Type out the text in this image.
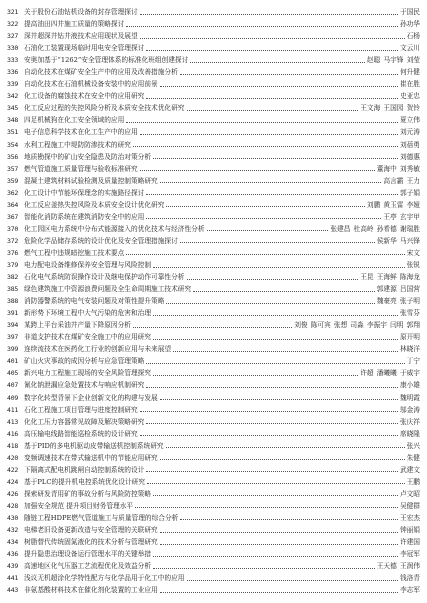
321 关于股份石油钻机设备的封存管理探讨	于国民
322 提高油田四井施工质量的策略探讨	孙功华
327 深井超深井钻井液技术应用现状及展望	石杨
330 石油化工装置现场临时用电安全管理探讨	文云川
333 安奥加基于“1262”安全管理体系的标准化班组创建探讨	赵聪 马宇锋 刘莹
336 自动化技术在煤矿安全生产中的应用及改善措施分析	何升健
339 自动化技术在石油机械设备安装中的应用前景	崔在胜
342 化工设备的腐蚀技术在安全中的应用研究	史亚忠
345 化工反应过程的失控风险分析及本质安全技术优化研究	王文海 王国园 贺铃
348 四足机械狗在化工安全领域的应用	夏立伟
351 电子信息科学技术在化工生产中的应用	刘元涛
354 水利工程施工中堤防防渗技术的研究	刘蓓勇
356 地质勘探中的矿山安全隐患及防治对策分析	刘德惠
357 燃气管道施工质量管理与验收标准研究	董海中 刘秀敏
359 混凝土建筑材料试验检测及质量控制策略研究	高言霸 王力
362 化工设计中节能环保理念的实施路径探讨	郭子娟
364 化工反应釜热失控风险及本质安全设计优化研究	刘鹏 黄玉雷 李娅
367 智能化消防系统在建筑消防安全中的应用	王亭 玄宇甲
370 化工园区电力系统中分布式能源接入的优化技术与经济性分析	张建昌 杜高岭 孙希德 谢瑞胜
372 危险化学品储存系统的设计优化及安全管理措施探讨	侯新华 马兴锋
376 燃气工程中违规暗挖施工技术要点	宋文
379 电力配电设备维修保养安全管理与风险控制	张锐
382 石化电气系统防误操作设计及继电保护动作可靠性分析	王昆 王海鲜 陈海龙
385 绿色建筑施工中资源浪费问题及全生命周期施工技术研究	郭建源 吕国营
388 消防器警系统的电气安装问题及对策性提升策略	魏豪亮 张子明
391 新形势下环境工程中大气污染的危害和治理	张雪芬
394 某跨上平台采油井产量下降原因分析	刘俊 陈可宾 张想 司淼 李振宇 闫明 郭翔
397 非道支护技术在煤矿安全施工中的应用研究	原开明
399 连续流技术在医药化工行业的创新应用与未来展望	林晓洋
401 矿山火灾事故的成因分析与应急管理策略	丁宁
405 新兴电力工程施工现场的安全风险管理探究	许超 潘曦曦 于威宇
407 氰化钠泄漏应急处置技术与响应机制研究	康小雄
409 数字化转型背景下企业创新文化的构建与发展	魏明霞
411 石化工程施工项目管理与进度控制研究	邬金涛
413 化化工压力容器常见故障及解决策略研究	张庆祥
416 高压输电线路智能巡检系统的设计研究	席晓隆
418 基于PID的多电机驱动皮带输送机控制系统研究	张兴
420 变频调速技术在带式输送机中的节能应用研究	朱健
422 下隔离式配电机跳闸自动控制系统的设计	武建文
424 基于PLC的提升机电控系统优化设计研究	王鹏
426 探索研发青用矿的事故分析与风险防控策略	卢文昭
428 加强安全规范 提升项目财务管理水平	吴健群
430 随链工程HDPE燃气管道施工与质量管理的综合分析	王宏杰
432 电梯老旧设备更新改造与安全管理的关联研究	钟丽娟
434 树脂替代传统固氮液化的技术分析与管理研究	许建国
436 提升隐患治理设备运行管理水平的关键举措	李冠军
439 高速地区化气压器工艺流程优化及效益分析	王天德 王润伟
441 浅议无机超涂化学特性配方与化学品用于化工中的应用	钱洛青
443 非氨基酸材料技术在催化剂化装置的工业应用	李志军
